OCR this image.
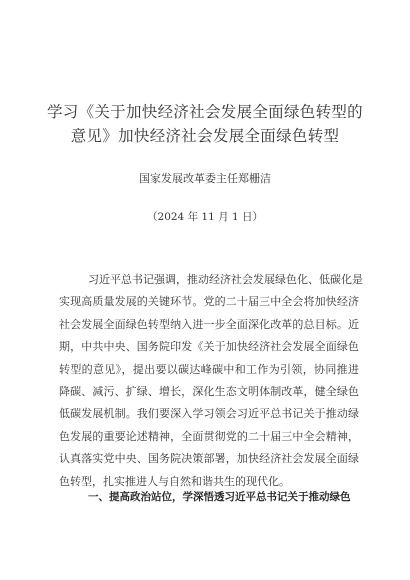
学习《关于加快经济社会发展全面绿色转型的
意见》加快经济社会发展全面绿色转型
国家发展改革委主任郑栅洁
（2024 年 11 月 1 日）
习近平总书记强调，推动经济社会发展绿色化、低碳化是
实现高质量发展的关键环节。党的二十届三中全会将加快经济
社会发展全面绿色转型纳入进一步全面深化改革的总目标。近
期，中共中央、国务院印发《关于加快经济社会发展全面绿色
转型的意见》，提出要以碳达峰碳中和工作为引领，协同推进
降碳、减污、扩绿、增长，深化生态文明体制改革，健全绿色
低碳发展机制。我们要深入学习领会习近平总书记关于推动绿
色发展的重要论述精神，全面贯彻党的二十届三中全会精神，
认真落实党中央、国务院决策部署，加快经济社会发展全面绿
色转型，扎实推进人与自然和谐共生的现代化。
一、提高政治站位，学深悟透习近平总书记关于推动绿色
